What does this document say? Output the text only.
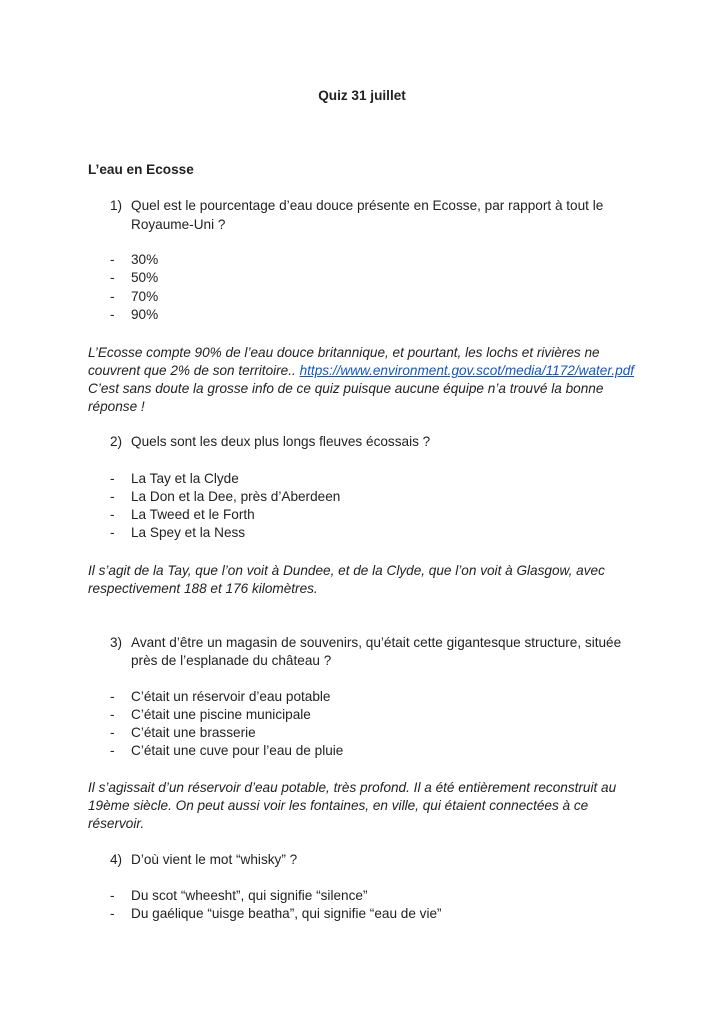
Quiz 31 juillet
L’eau en Ecosse
1) Quel est le pourcentage d’eau douce présente en Ecosse, par rapport à tout le
Royaume-Uni ?
- 30%
- 50%
- 70%
- 90%
L’Ecosse compte 90% de l’eau douce britannique, et pourtant, les lochs et rivières ne
couvrent que 2% de son territoire.. https://www.environment.gov.scot/media/1172/water.pdf
C’est sans doute la grosse info de ce quiz puisque aucune équipe n’a trouvé la bonne
réponse !
2) Quels sont les deux plus longs fleuves écossais ?
- La Tay et la Clyde
- La Don et la Dee, près d’Aberdeen
- La Tweed et le Forth
- La Spey et la Ness
Il s’agit de la Tay, que l’on voit à Dundee, et de la Clyde, que l’on voit à Glasgow, avec
respectivement 188 et 176 kilomètres.
3) Avant d’être un magasin de souvenirs, qu’était cette gigantesque structure, située
près de l’esplanade du château ?
- C’était un réservoir d’eau potable
- C’était une piscine municipale
- C’était une brasserie
- C’était une cuve pour l’eau de pluie
Il s’agissait d’un réservoir d’eau potable, très profond. Il a été entièrement reconstruit au
19ème siècle. On peut aussi voir les fontaines, en ville, qui étaient connectées à ce
réservoir.
4) D’où vient le mot “whisky” ?
- Du scot “wheesht”, qui signifie “silence”
- Du gaélique “uisge beatha”, qui signifie “eau de vie”
